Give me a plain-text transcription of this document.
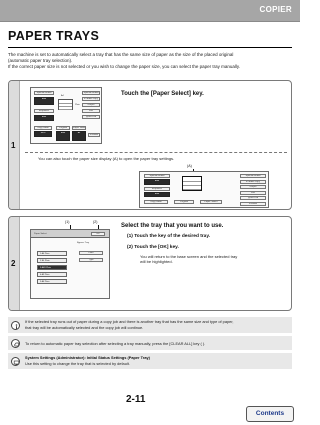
COPIER
PAPER TRAYS
The machine is set to automatically select a tray that has the same size of paper as the size of the placed original
(automatic paper tray selection).
If the correct paper size is not selected or you wish to change the paper size, you can select the paper tray manually.
1
Special Modes
Auto
Exposure
Auto
A4
Plain
Special Modes
2-Sided Copy
Output
File
Quick File
Copy Ratio
100%
Original
Auto
Paper Select
A4
Preview
Touch the [Paper Select] key.
You can also touch the paper size display (A) to open the paper tray settings.
(A)
Special Modes
Auto
Exposure
Auto
Special Modes
2-Sided Copy
Output
File
Quick File
Copy Ratio	Original	Paper Select
Preview
2
(1)	(2)
Paper Select	OK
Bypass Tray
1 A4 Plain
2 B4 Plain
3 A4R Plain
4 A3 Plain
5 A4 Plain
Plain
Type
Select the tray that you want to use.
(1) Touch the key of the desired tray.
(2) Touch the [OK] key.
You will return to the base screen and the selected tray
will be highlighted.
If the selected tray runs out of paper during a copy job and there is another tray that has the same size and type of paper,
that tray will be automatically selected and the copy job will continue.
To return to automatic paper tray selection after selecting a tray manually, press the [CLEAR ALL] key ( ).
System Settings (Administrator): Initial Status Settings (Paper Tray)
Use this setting to change the tray that is selected by default.
2-11
Contents
